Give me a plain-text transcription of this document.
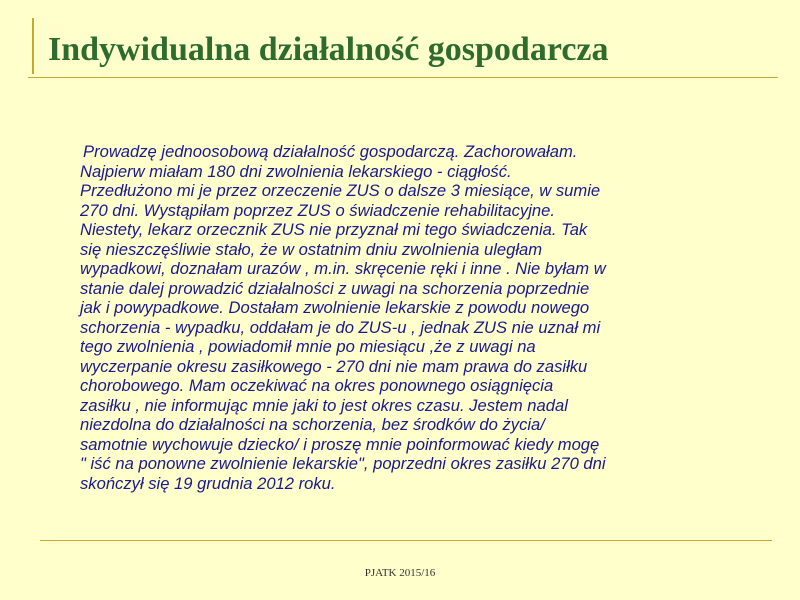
Indywidualna działalność gospodarcza
Prowadzę jednoosobową działalność gospodarczą. Zachorowałam.
Najpierw miałam 180 dni zwolnienia lekarskiego - ciągłość.
Przedłużono mi je przez orzeczenie ZUS o dalsze 3 miesiące, w sumie
270 dni. Wystąpiłam poprzez ZUS o świadczenie rehabilitacyjne.
Niestety, lekarz orzecznik ZUS nie przyznał mi tego świadczenia. Tak
się nieszczęśliwie stało, że w ostatnim dniu zwolnienia uległam
wypadkowi, doznałam urazów , m.in. skręcenie ręki i inne . Nie byłam w
stanie dalej prowadzić działalności z uwagi na schorzenia poprzednie
jak i powypadkowe. Dostałam zwolnienie lekarskie z powodu nowego
schorzenia - wypadku, oddałam je do ZUS-u , jednak ZUS nie uznał mi
tego zwolnienia , powiadomił mnie po miesiącu ,że z uwagi na
wyczerpanie okresu zasiłkowego - 270 dni nie mam prawa do zasiłku
chorobowego. Mam oczekiwać na okres ponownego osiągnięcia
zasiłku , nie informując mnie jaki to jest okres czasu. Jestem nadal
niezdolna do działalności na schorzenia, bez środków do życia/
samotnie wychowuje dziecko/ i proszę mnie poinformować kiedy mogę
" iść na ponowne zwolnienie lekarskie", poprzedni okres zasiłku 270 dni
skończył się 19 grudnia 2012 roku.
PJATK 2015/16
